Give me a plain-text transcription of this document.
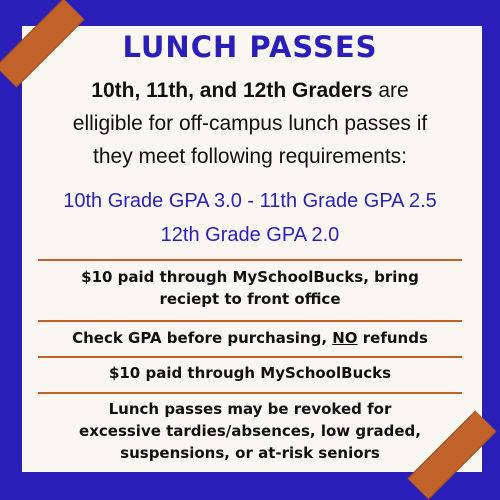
LUNCH PASSES
10th, 11th, and 12th Graders are
elligible for off-campus lunch passes if
they meet following requirements:
10th Grade GPA 3.0 - 11th Grade GPA 2.5
12th Grade GPA 2.0
$10 paid through MySchoolBucks, bring
reciept to front office
Check GPA before purchasing, NO refunds
$10 paid through MySchoolBucks
Lunch passes may be revoked for
excessive tardies/absences, low graded,
suspensions, or at-risk seniors
